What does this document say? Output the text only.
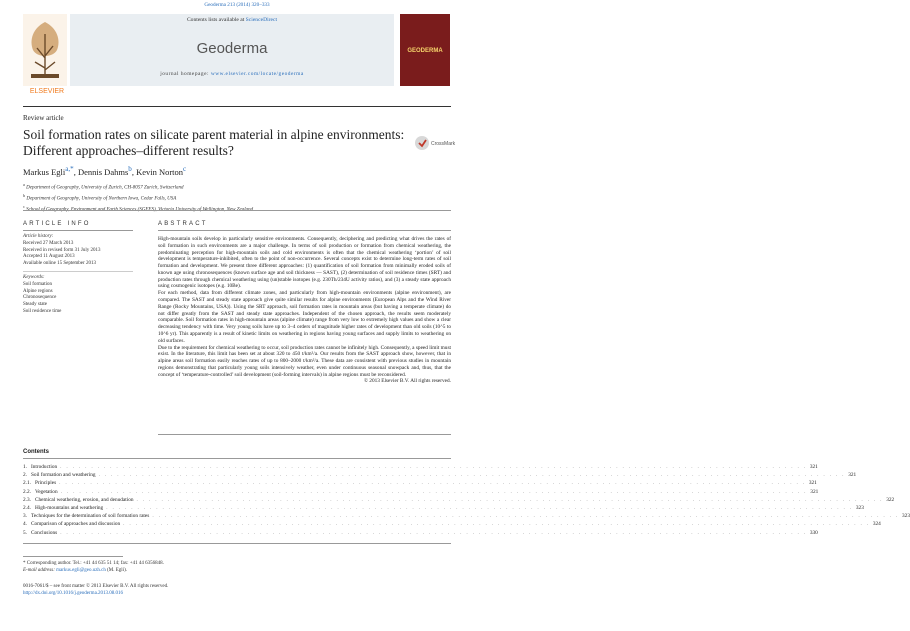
Geoderma 213 (2014) 320–333
Contents lists available at ScienceDirect
Geoderma
journal homepage: www.elsevier.com/locate/geoderma
ELSEVIER
GEODERMA
Review article
Soil formation rates on silicate parent material in alpine environments: Different approaches–different results?	CrossMark
Markus Egli$^{a,*}$, Dennis Dahms$^b$, Kevin Norton$^c$
$^a$ Department of Geography, University of Zurich, CH-8057 Zurich, Switzerland
$^b$ Department of Geography, University of Northern Iowa, Cedar Falls, USA
$^c$
ARTICLE INFO	ABSTRACT
Article history:
Received 27 March 2013
Received in revised form 31 July 2013
Accepted 11 August 2013
Available online 15 September 2013
Keywords:
Soil formation
Alpine regions
Chronosequence
Steady state
Soil residence time

High-mountain soils develop in particularly sensitive environments. Consequently, deciphering and predicting what drives the rates of soil formation in such environments are a major challenge. In terms of soil production or formation from chemical weathering, the predominating perception for high-mountain soils and cold environments is often that the chemical weathering ‘portion’ of soil development is temperature-inhibited, often to the point of non-occurrence. Several concepts exist to determine long-term rates of soil formation and development. We present three different approaches: (1) quantification of soil formation from minimally eroded soils of known age using chronosequences (known surface age and soil thickness — SAST), (2) determination of soil residence times (SRT) and production rates through chemical weathering using (un)stable isotopes (e.g. 230Th/234U activity ratios), and (3) a steady state approach using cosmogenic isotopes (e.g. 10Be).

For each method, data from different climate zones, and particularly from high-mountain environments (alpine environment), are compared. The SAST and steady state approach give quite similar results for alpine environments (European Alps and the Wind River Range (Rocky Mountains, USA)). Using the SRT approach, soil formation rates in mountain areas (but having a temperate climate) do not differ greatly from the SAST and steady state approaches. Independent of the chosen approach, the results seem moderately comparable. Soil formation rates in high-mountain areas (alpine climate) range from very low to extremely high values and show a clear decreasing tendency with time. Very young soils have up to 3–4 orders of magnitude higher rates of development than old soils (10^5 to 10^6 yr). This apparently is a result of kinetic limits on weathering in regions having young surfaces and supply limits to weathering on old surfaces.

Due to the requirement for chemical weathering to occur, soil production rates cannot be infinitely high. Consequently, a speed limit must exist. In the literature, this limit has been set at about 320 to 450 t/km²/a. Our results from the SAST approach show, however, that in alpine areas soil formation easily reaches rates of up to 800–2000 t/km²/a. These data are consistent with previous studies in mountain regions demonstrating that particularly young soils intensively weather, even under continuous seasonal snowpack and, thus, that the concept of ‘temperature-controlled’ soil development (soil-forming intervals) in alpine regions must be reconsidered.

© 2013 Elsevier B.V. All rights reserved.

Contents
1. Introduction . . . . . . . . . . . . . . . . . . . . . . . . . . . . . . . . . . . . . . . . . . . . . . . . . . . . . . . . . . . . . . . . . . . . . . . . . . . . . . . . . . . . . . . . . . . . . . . . . . . . . . . . . . . . . . . . . . . . . . . . 321
2. Soil formation and weathering . . . . . . . . . . . . . . . . . . . . . . . . . . . . . . . . . . . . . . . . . . . . . . . . . . . . . . . . . . . . . . . . . . . . . . . . . . . . . . . . . . . . . . . . . . . . . . . . . . . . . . . . . . . . . . . . . . . . . . . . 321
2.1. Principles . . . . . . . . . . . . . . . . . . . . . . . . . . . . . . . . . . . . . . . . . . . . . . . . . . . . . . . . . . . . . . . . . . . . . . . . . . . . . . . . . . . . . . . . . . . . . . . . . . . . . . . . . . . . . . . . . . . . . . . . 321
2.2. Vegetation . . . . . . . . . . . . . . . . . . . . . . . . . . . . . . . . . . . . . . . . . . . . . . . . . . . . . . . . . . . . . . . . . . . . . . . . . . . . . . . . . . . . . . . . . . . . . . . . . . . . . . . . . . . . . . . . . . . . . . . . 321
2.3. Chemical weathering, erosion, and denudation . . . . . . . . . . . . . . . . . . . . . . . . . . . . . . . . . . . . . . . . . . . . . . . . . . . . . . . . . . . . . . . . . . . . . . . . . . . . . . . . . . . . . . . . . . . . . . . . . . . . . . . . . . . . . . . . . . . . . . . . 322
2.4. High-mountains and weathering . . . . . . . . . . . . . . . . . . . . . . . . . . . . . . . . . . . . . . . . . . . . . . . . . . . . . . . . . . . . . . . . . . . . . . . . . . . . . . . . . . . . . . . . . . . . . . . . . . . . . . . . . . . . . . . . . . . . . . . . 323
3. Techniques for the determination of soil formation rates . . . . . . . . . . . . . . . . . . . . . . . . . . . . . . . . . . . . . . . . . . . . . . . . . . . . . . . . . . . . . . . . . . . . . . . . . . . . . . . . . . . . . . . . . . . . . . . . . . . . . . . . . . . . . . . . . . . . . . . . 323
4. Comparison of approaches and discussion . . . . . . . . . . . . . . . . . . . . . . . . . . . . . . . . . . . . . . . . . . . . . . . . . . . . . . . . . . . . . . . . . . . . . . . . . . . . . . . . . . . . . . . . . . . . . . . . . . . . . . . . . . . . . . . . . . . . . . . . 324
5. Conclusions . . . . . . . . . . . . . . . . . . . . . . . . . . . . . . . . . . . . . . . . . . . . . . . . . . . . . . . . . . . . . . . . . . . . . . . . . . . . . . . . . . . . . . . . . . . . . . . . . . . . . . . . . . . . . . . . . . . . . . . . 330
* Corresponding author. Tel.: +41 44 635 51 14; fax: +41 44 6356848.
E-mail address: markus.egli@geo.uzh.ch (M. Egli).
0016-7061/$ – see front matter © 2013 Elsevier B.V. All rights reserved.
http://dx.doi.org/10.1016/j.geoderma.2013.08.016
